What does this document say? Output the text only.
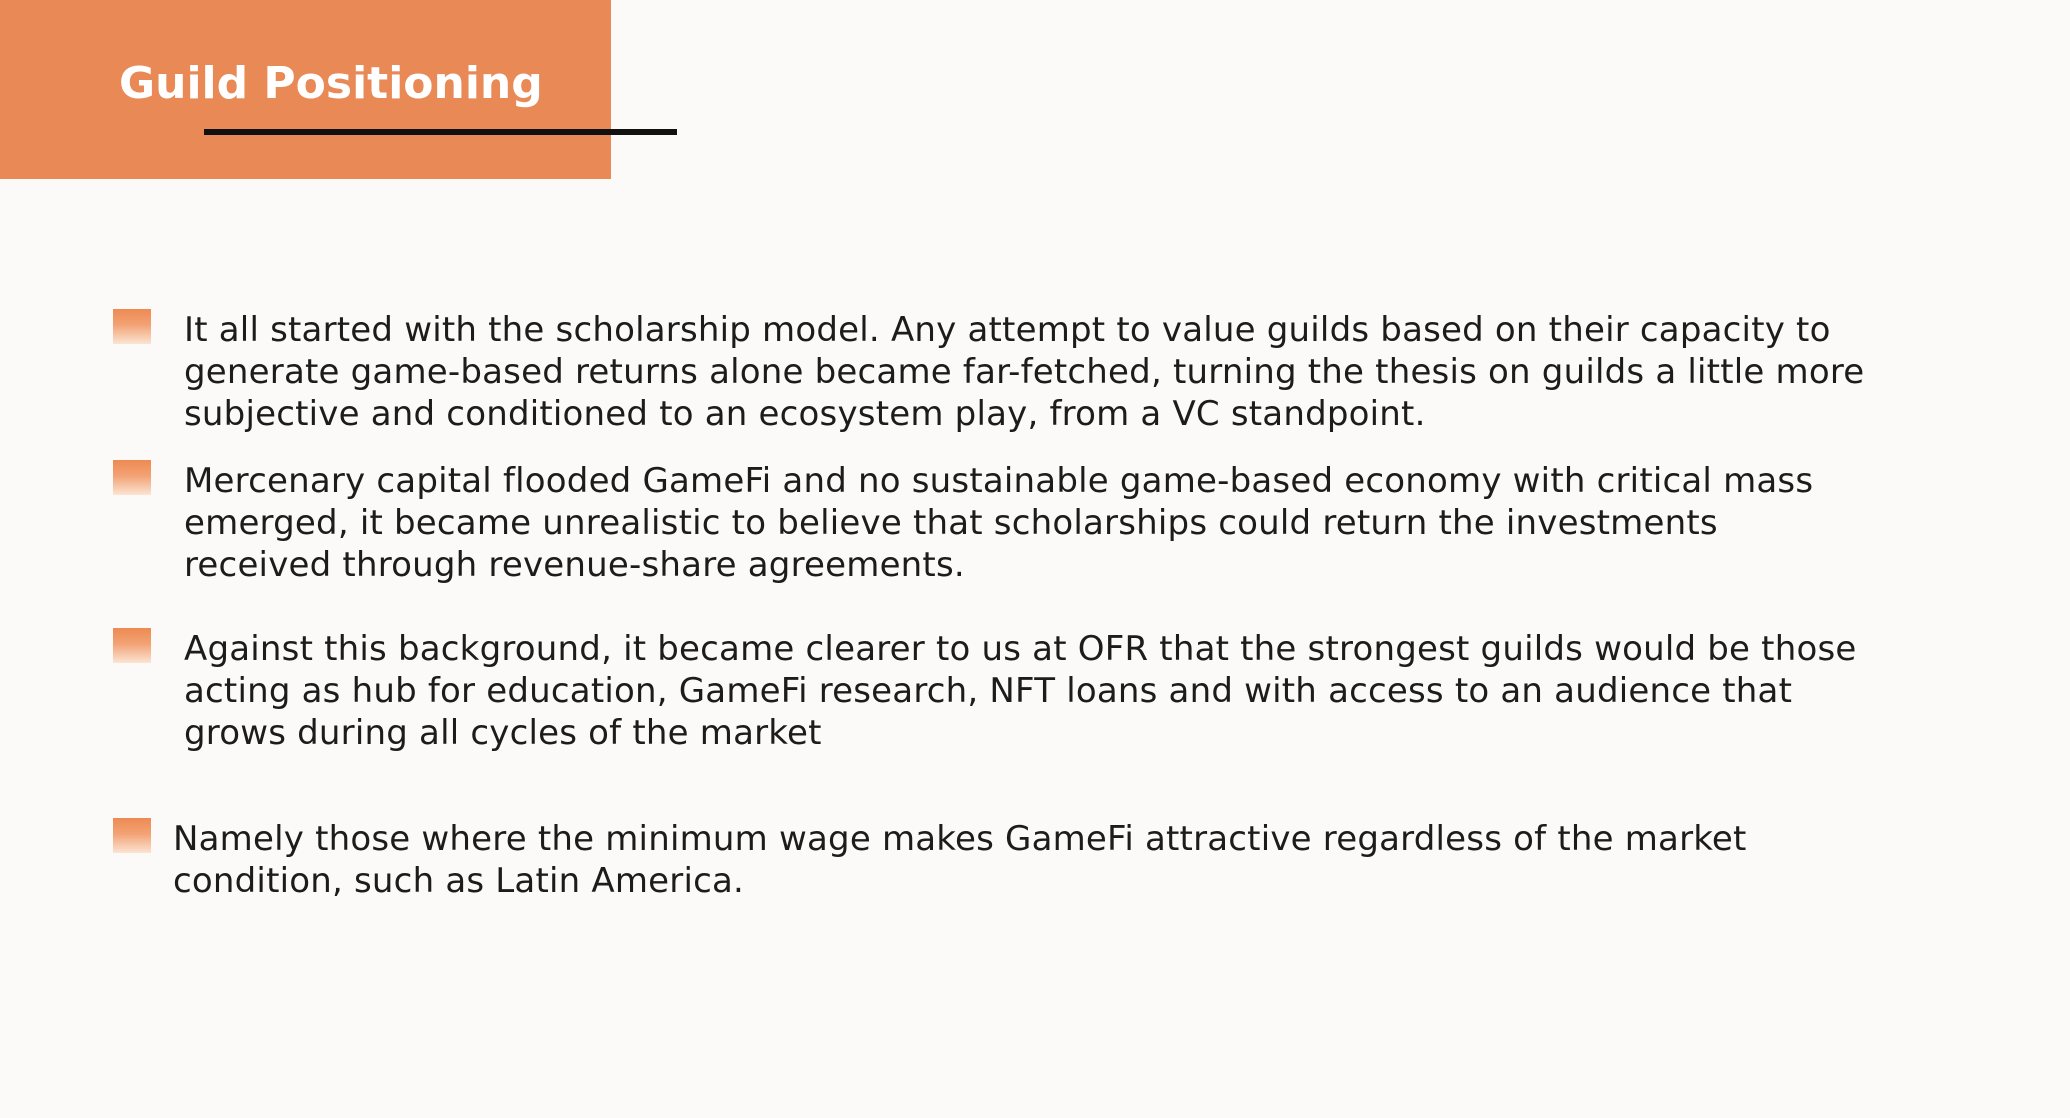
Guild Positioning
It all started with the scholarship model. Any attempt to value guilds based on their capacity to
generate game-based returns alone became far-fetched, turning the thesis on guilds a little more
subjective and conditioned to an ecosystem play, from a VC standpoint.
Mercenary capital flooded GameFi and no sustainable game-based economy with critical mass
emerged, it became unrealistic to believe that scholarships could return the investments
received through revenue-share agreements.
Against this background, it became clearer to us at OFR that the strongest guilds would be those
acting as hub for education, GameFi research, NFT loans and with access to an audience that
grows during all cycles of the market
Namely those where the minimum wage makes GameFi attractive regardless of the market
condition, such as Latin America.
